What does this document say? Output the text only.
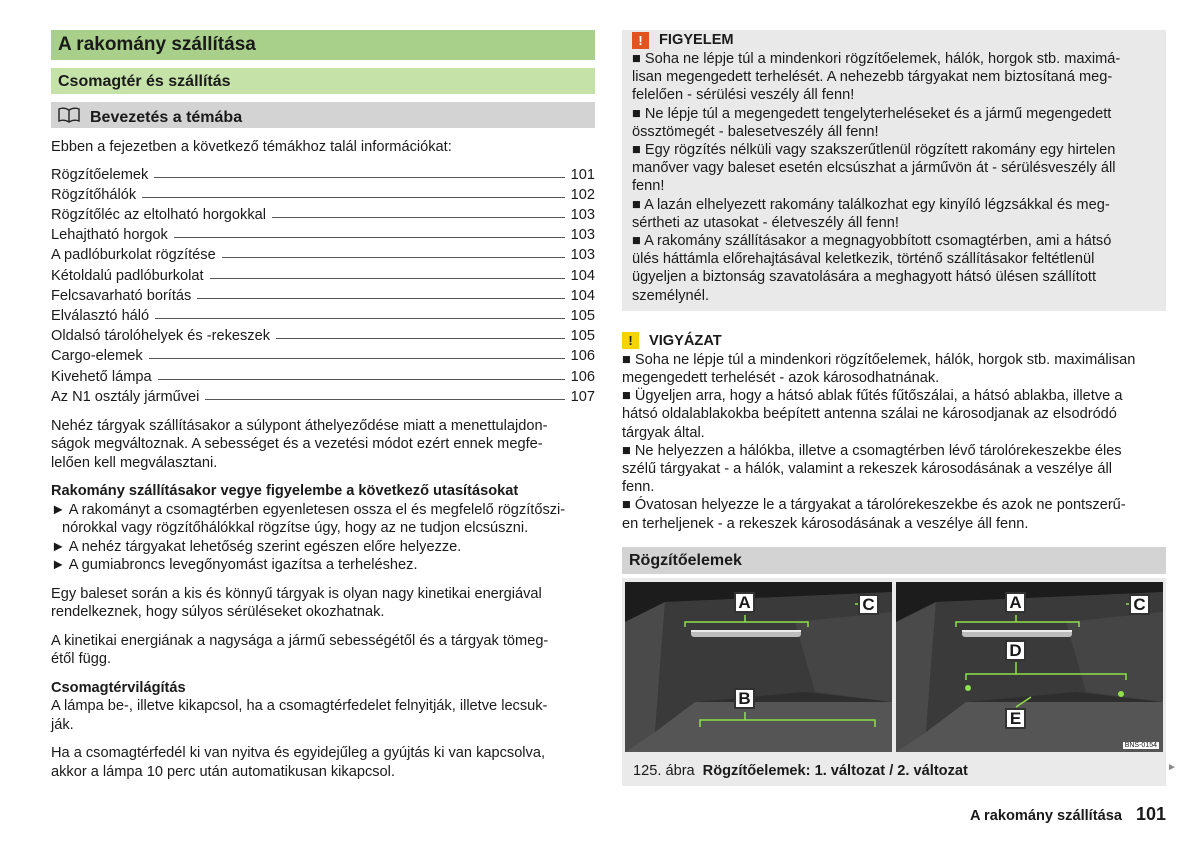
A rakomány szállítása
Csomagtér és szállítás
Bevezetés a témába

Ebben a fejezetben a következő témákhoz talál információkat:

Rögzítőelemek	101
Rögzítőhálók	102
Rögzítőléc az eltolható horgokkal	103
Lehajtható horgok	103
A padlóburkolat rögzítése	103
Kétoldalú padlóburkolat	104
Felcsavarható borítás	104
Elválasztó háló	105
Oldalsó tárolóhelyek és -rekeszek	105
Cargo-elemek	106
Kivehető lámpa	106
Az N1 osztály járművei	107
Nehéz tárgyak szállításakor a súlypont áthelyeződése miatt a menettulajdon-
ságok megváltoznak. A sebességet és a vezetési módot ezért ennek megfe-
lelően kell megválasztani.
Rakomány szállításakor vegye figyelembe a következő utasításokat
► A rakományt a csomagtérben egyenletesen ossza el és megfelelő rögzítőszi-
nórokkal vagy rögzítőhálókkal rögzítse úgy, hogy az ne tudjon elcsúszni.
► A nehéz tárgyakat lehetőség szerint egészen előre helyezze.
► A gumiabroncs levegőnyomást igazítsa a terheléshez.
Egy baleset során a kis és könnyű tárgyak is olyan nagy kinetikai energiával
rendelkeznek, hogy súlyos sérüléseket okozhatnak.
A kinetikai energiának a nagysága a jármű sebességétől és a tárgyak tömeg-
étől függ.
Csomagtérvilágítás
A lámpa be-, illetve kikapcsol, ha a csomagtérfedelet felnyitják, illetve lecsuk-
ják.
Ha a csomagtérfedél ki van nyitva és egyidejűleg a gyújtás ki van kapcsolva,
akkor a lámpa 10 perc után automatikusan kikapcsol.
!	FIGYELEM
■ Soha ne lépje túl a mindenkori rögzítőelemek, hálók, horgok stb. maximá-
lisan megengedett terhelését. A nehezebb tárgyakat nem biztosítaná meg-
felelően - sérülési veszély áll fenn!
■ Ne lépje túl a megengedett tengelyterheléseket és a jármű megengedett
össztömegét - balesetveszély áll fenn!
■ Egy rögzítés nélküli vagy szakszerűtlenül rögzített rakomány egy hirtelen
manőver vagy baleset esetén elcsúszhat a járművön át - sérülésveszély áll
fenn!
■ A lazán elhelyezett rakomány találkozhat egy kinyíló légzsákkal és meg-
sértheti az utasokat - életveszély áll fenn!
■ A rakomány szállításakor a megnagyobbított csomagtérben, ami a hátsó
ülés háttámla előrehajtásával keletkezik, történő szállításakor feltétlenül
ügyeljen a biztonság szavatolására a meghagyott hátsó ülésen szállított
személynél.
!	VIGYÁZAT
■ Soha ne lépje túl a mindenkori rögzítőelemek, hálók, horgok stb. maximálisan
megengedett terhelését - azok károsodhatnának.
■ Ügyeljen arra, hogy a hátsó ablak fűtés fűtőszálai, a hátsó ablakba, illetve a
hátsó oldalablakokba beépített antenna szálai ne károsodjanak az elsodródó
tárgyak által.
■ Ne helyezzen a hálókba, illetve a csomagtérben lévő tárolórekeszekbe éles
szélű tárgyakat - a hálók, valamint a rekeszek károsodásának a veszélye áll
fenn.
■ Óvatosan helyezze le a tárgyakat a tárolórekeszekbe és azok ne pontszerű-
en terheljenek - a rekeszek károsodásának a veszélye áll fenn.
Rögzítőelemek
A	C
B
A	C
D
E
BNS-0154
125. ábra Rögzítőelemek: 1. változat / 2. változat	►
A rakomány szállítása 101
